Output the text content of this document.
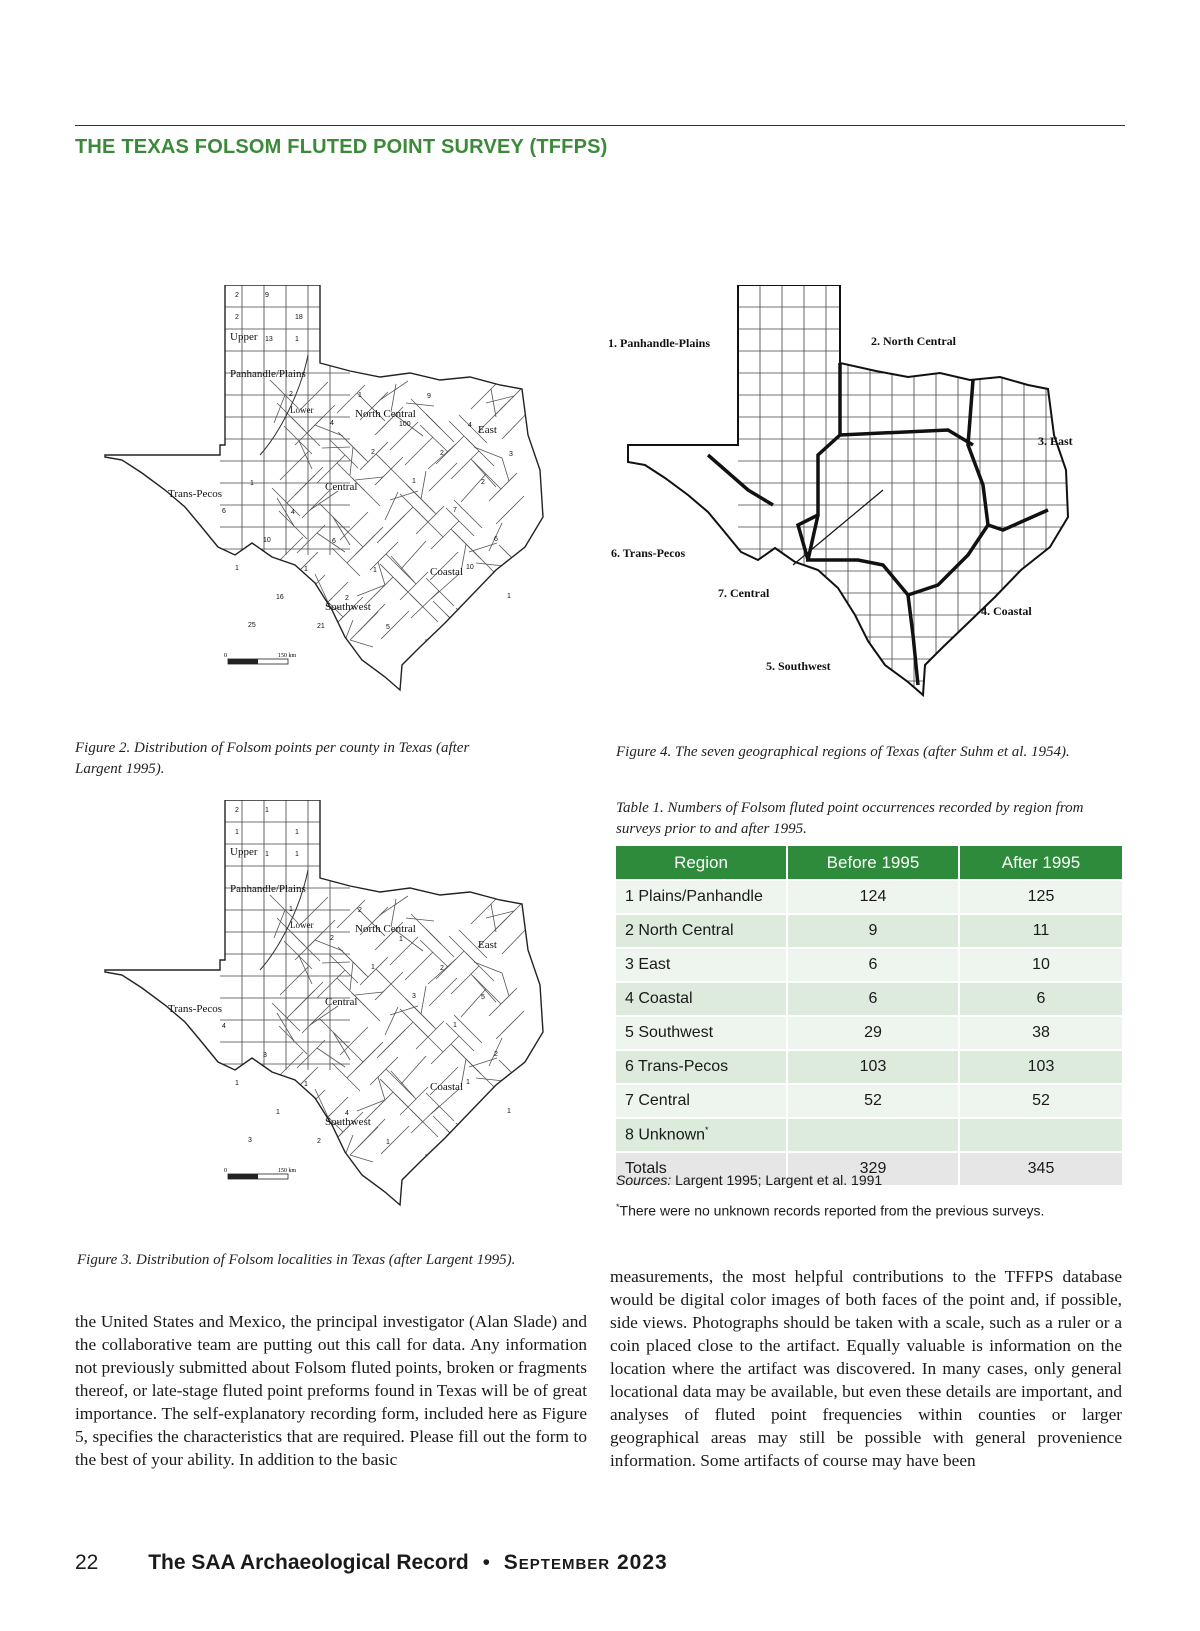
THE TEXAS FOLSOM FLUTED POINT SURVEY (TFFPS)
Upper
Panhandle/Plains
Lower	North Central
East
Trans-Pecos
Central
Coastal
Southwest
2	9
18
2
13	1
10
1
25
2
4
2
1
7
6
1
16
21
1
100
2
2
6
10
1
2
5
9
4
3
1
4
6
1
0	150 km
Figure 2. Distribution of Folsom points per county in Texas (after Largent 1995).
1. Panhandle-Plains	2. North Central
3. East
4. Coastal
5. Southwest
6. Trans-Pecos
7. Central
Figure 4. The seven geographical regions of Texas (after Suhm et al. 1954).
Upper
Panhandle/Plains
Lower	North Central
East
Trans-Pecos
Central
Coastal
Southwest
2	1
1
1
1	1
1
1
3
1
2
1
3
1
2
1
1
2
2
1
2
5
4
3
1
4
1
0	150 km
Figure 3. Distribution of Folsom localities in Texas (after Largent 1995).
Table 1. Numbers of Folsom fluted point occurrences recorded by region from surveys prior to and after 1995.
Region	Before 1995	After 1995
1 Plains/Panhandle	124	125
2 North Central	9	11
3 East	6	10
4 Coastal	6	6
5 Southwest	29	38
6 Trans-Pecos	103	103
7 Central	52	52
8 Unknown*		
Totals	329	345
Sources: Largent 1995; Largent et al. 1991
*There were no unknown records reported from the previous surveys.
the United States and Mexico, the principal investigator (Alan Slade) and the collaborative team are putting out this call for data. Any information not previously submitted about Folsom fluted points, broken or fragments thereof, or late-stage fluted point preforms found in Texas will be of great importance. The self-explanatory recording form, included here as Figure 5, specifies the characteristics that are required. Please fill out the form to the best of your ability. In addition to the basic
measurements, the most helpful contributions to the TFFPS database would be digital color images of both faces of the point and, if possible, side views. Photographs should be taken with a scale, such as a ruler or a coin placed close to the artifact. Equally valuable is information on the location where the artifact was discovered. In many cases, only general locational data may be available, but even these details are important, and analyses of fluted point frequencies within counties or larger geographical areas may still be possible with general provenience information. Some artifacts of course may have been
22 The SAA Archaeological Record • September 2023
